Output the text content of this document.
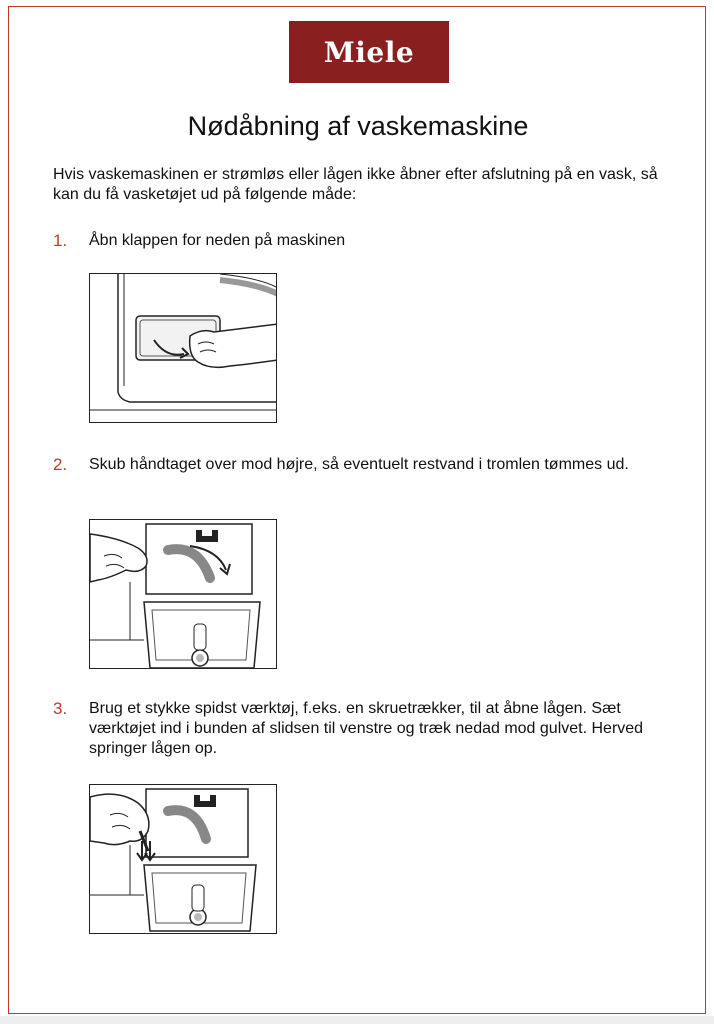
Miele
Nødåbning af vaskemaskine
Hvis vaskemaskinen er strømløs eller lågen ikke åbner efter afslutning på en vask, så kan du få vasketøjet ud på følgende måde:
1. Åbn klappen for neden på maskinen
2. Skub håndtaget over mod højre, så eventuelt restvand i tromlen tømmes ud.
3. Brug et stykke spidst værktøj, f.eks. en skruetrækker, til at åbne lågen. Sæt værktøjet ind i bunden af slidsen til venstre og træk nedad mod gulvet. Herved springer lågen op.
